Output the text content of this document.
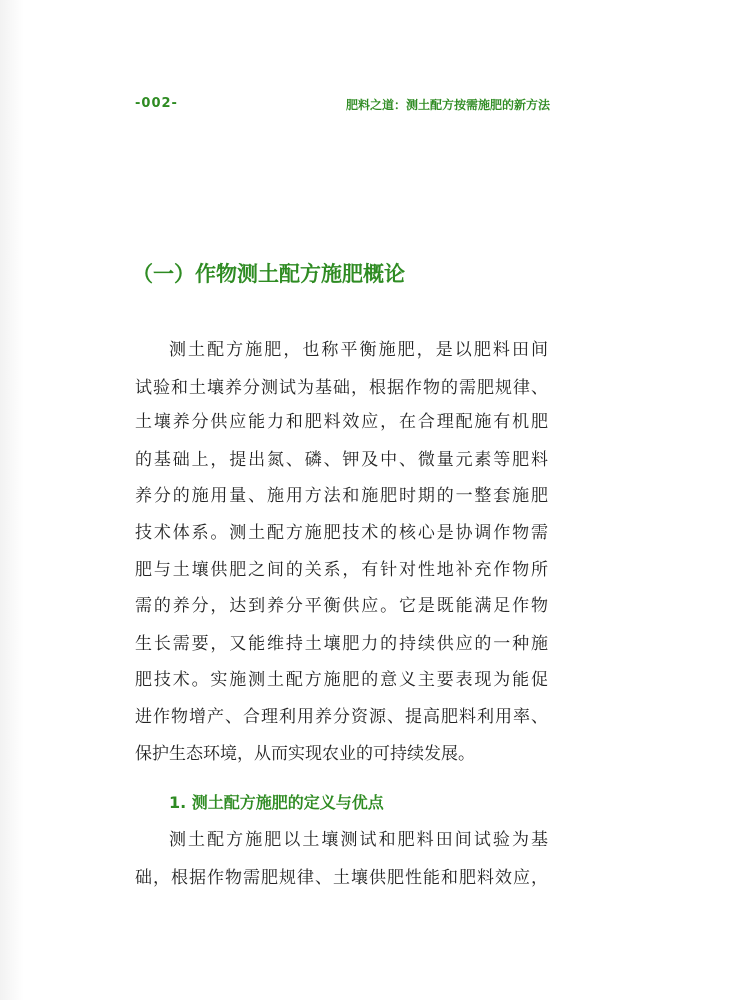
-002-	肥料之道：测土配方按需施肥的新方法
（一）作物测土配方施肥概论
测土配方施肥，也称平衡施肥，是以肥料田间
试验和土壤养分测试为基础，根据作物的需肥规律、
土壤养分供应能力和肥料效应，在合理配施有机肥
的基础上，提出氮、磷、钾及中、微量元素等肥料
养分的施用量、施用方法和施肥时期的一整套施肥
技术体系。测土配方施肥技术的核心是协调作物需
肥与土壤供肥之间的关系，有针对性地补充作物所
需的养分，达到养分平衡供应。它是既能满足作物
生长需要，又能维持土壤肥力的持续供应的一种施
肥技术。实施测土配方施肥的意义主要表现为能促
进作物增产、合理利用养分资源、提高肥料利用率、
保护生态环境，从而实现农业的可持续发展。
1. 测土配方施肥的定义与优点
测土配方施肥以土壤测试和肥料田间试验为基
础，根据作物需肥规律、土壤供肥性能和肥料效应，
